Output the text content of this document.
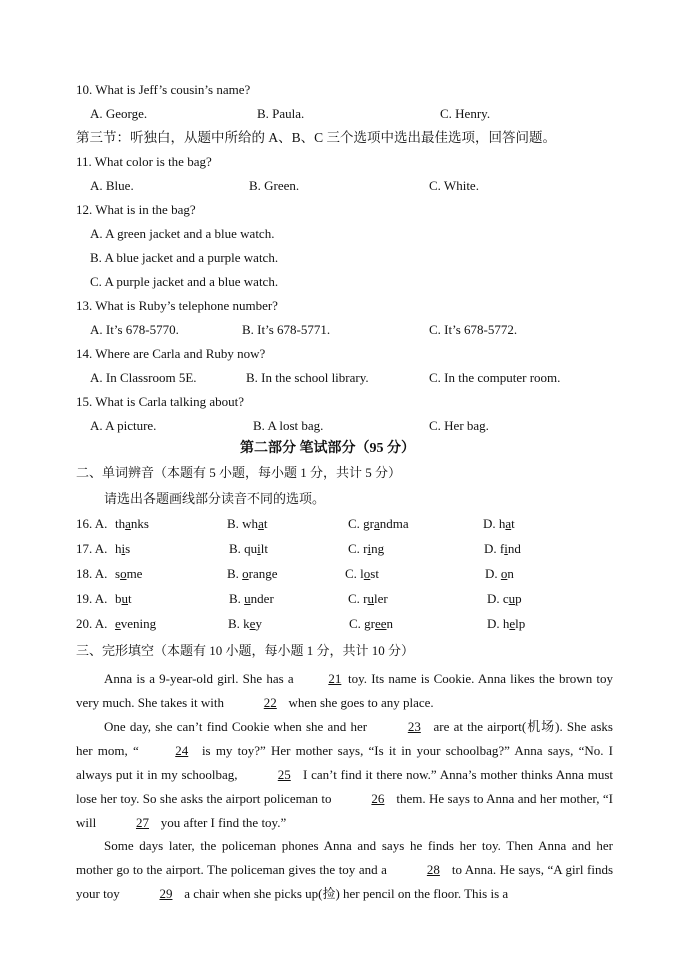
10. What is Jeff’s cousin’s name?
A. George.	B. Paula.	C. Henry.
第三节：听独白，从题中所给的 A、B、C 三个选项中选出最佳选项，回答问题。
11. What color is the bag?
A. Blue.	B. Green.	C. White.
12. What is in the bag?
A. A green jacket and a blue watch.
B. A blue jacket and a purple watch.
C. A purple jacket and a blue watch.
13. What is Ruby’s telephone number?
A. It’s 678-5770.	B. It’s 678-5771.	C. It’s 678-5772.
14. Where are Carla and Ruby now?
A. In Classroom 5E.	B. In the school library.	C. In the computer room.
15. What is Carla talking about?
A. A picture.	B. A lost bag.	C. Her bag.
第二部分 笔试部分（95 分）
二、单词辨音（本题有 5 小题，每小题 1 分，共计 5 分）
请选出各题画线部分读音不同的选项。
16. A. thanks	B. what	C. grandma	D. hat
17. A. his	B. quilt	C. ring	D. find
18. A. some	B. orange	C. lost	D. on
19. A. but	B. under	C. ruler	D. cup
20. A. evening	B. key	C. green	D. help
三、完形填空（本题有 10 小题，每小题 1 分，共计 10 分）
Anna is a 9-year-old girl. She has a 21 toy. Its name is Cookie. Anna likes the brown toy very much. She takes it with	22 when she goes to any place.
One day, she can’t find Cookie when she and her	23 are at the airport(机场). She asks her mom, “	24 is my toy?” Her mother says, “Is it in your schoolbag?” Anna says, “No. I always put it in my schoolbag,	25 I can’t find it there now.” Anna’s mother thinks Anna must lose her toy. So she asks the airport policeman to	26 them. He says to Anna and her mother, “I will	27 you after I find the toy.”
Some days later, the policeman phones Anna and says he finds her toy. Then Anna and her mother go to the airport. The policeman gives the toy and a	28 to Anna. He says, “A girl finds your toy	29 a chair when she picks up(捡) her pencil on the floor. This is a
